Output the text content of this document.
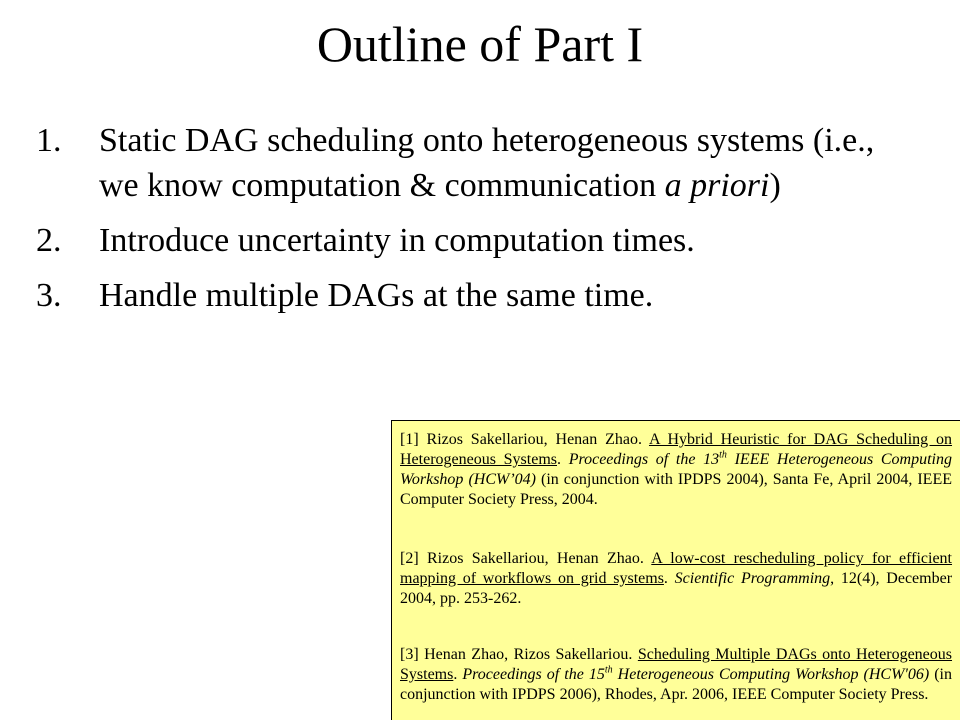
Outline of Part I
1. Static DAG scheduling onto heterogeneous systems (i.e., we know computation & communication a priori)
2. Introduce uncertainty in computation times.
3. Handle multiple DAGs at the same time.
[1] Rizos Sakellariou, Henan Zhao. A Hybrid Heuristic for DAG Scheduling on Heterogeneous Systems. Proceedings of the 13th IEEE Heterogeneous Computing Workshop (HCW’04) (in conjunction with IPDPS 2004), Santa Fe, April 2004, IEEE Computer Society Press, 2004.
[2] Rizos Sakellariou, Henan Zhao. A low-cost rescheduling policy for efficient mapping of workflows on grid systems. Scientific Programming, 12(4), December 2004, pp. 253-262.
[3] Henan Zhao, Rizos Sakellariou. Scheduling Multiple DAGs onto Heterogeneous Systems. Proceedings of the 15th Heterogeneous Computing Workshop (HCW'06) (in conjunction with IPDPS 2006), Rhodes, Apr. 2006, IEEE Computer Society Press.
